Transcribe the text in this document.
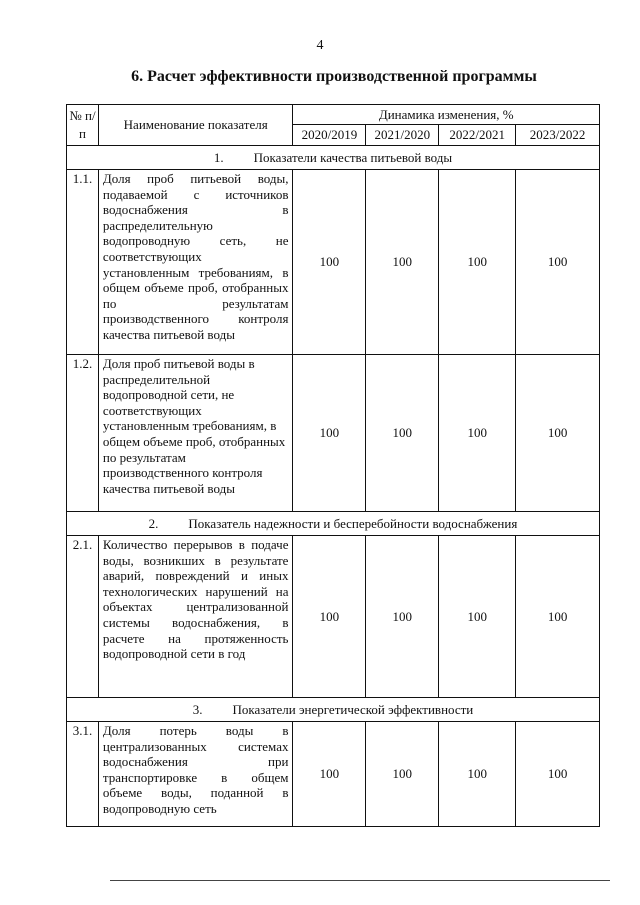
4
6. Расчет эффективности производственной программы
№ п/п	Наименование показателя	Динамика изменения, %			
		2020/2019	2021/2020	2022/2021	2023/2022
1. Показатели качества питьевой воды					
1.1.	Доля проб питьевой воды, подаваемой с источников водоснабжения в распределительную водопроводную сеть, не соответствующих установленным требованиям, в общем объеме проб, отобранных по результатам производственного контроля качества питьевой воды	100	100	100	100
1.2.	Доля проб питьевой воды в распределительной водопроводной сети, не соответствующих установленным требованиям, в общем объеме проб, отобранных по результатам производственного контроля качества питьевой воды	100	100	100	100
2. Показатель надежности и бесперебойности водоснабжения					
2.1.	Количество перерывов в подаче воды, возникших в результате аварий, повреждений и иных технологических нарушений на объектах централизованной системы водоснабжения, в расчете на протяженность водопроводной сети в год	100	100	100	100
3. Показатели энергетической эффективности					
3.1.	Доля потерь воды в централизованных системах водоснабжения при транспортировке в общем объеме воды, поданной в водопроводную сеть	100	100	100	100
